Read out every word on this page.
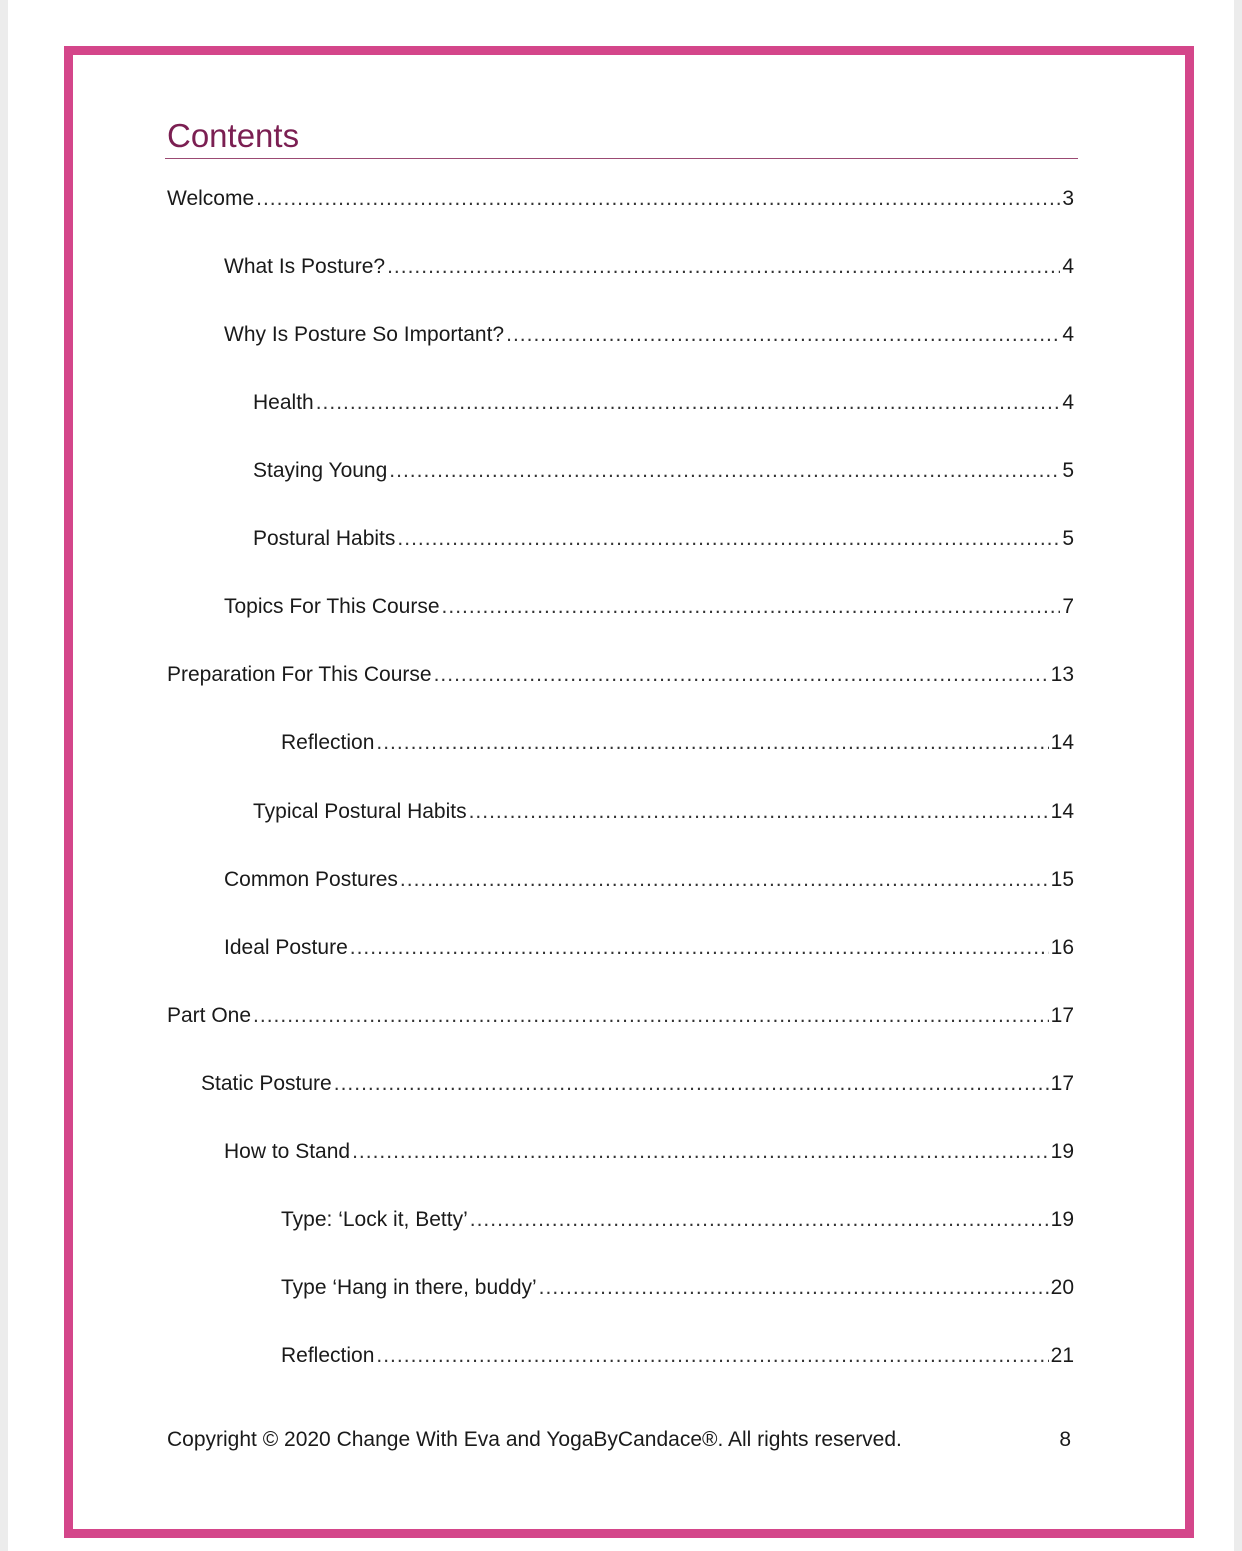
Contents
Welcome .....	3
What Is Posture? .....	4
Why Is Posture So Important? .....	4
Health .....	4
Staying Young .....	5
Postural Habits .....	5
Topics For This Course .....	7
Preparation For This Course .....	13
Reflection .....	14
Typical Postural Habits .....	14
Common Postures .....	15
Ideal Posture .....	16
Part One .....	17
Static Posture .....	17
How to Stand .....	19
Type: ‘Lock it, Betty’ .....	19
Type ‘Hang in there, buddy’ .....	20
Reflection .....	21
Copyright © 2020 Change With Eva and YogaByCandace®. All rights reserved.	8
